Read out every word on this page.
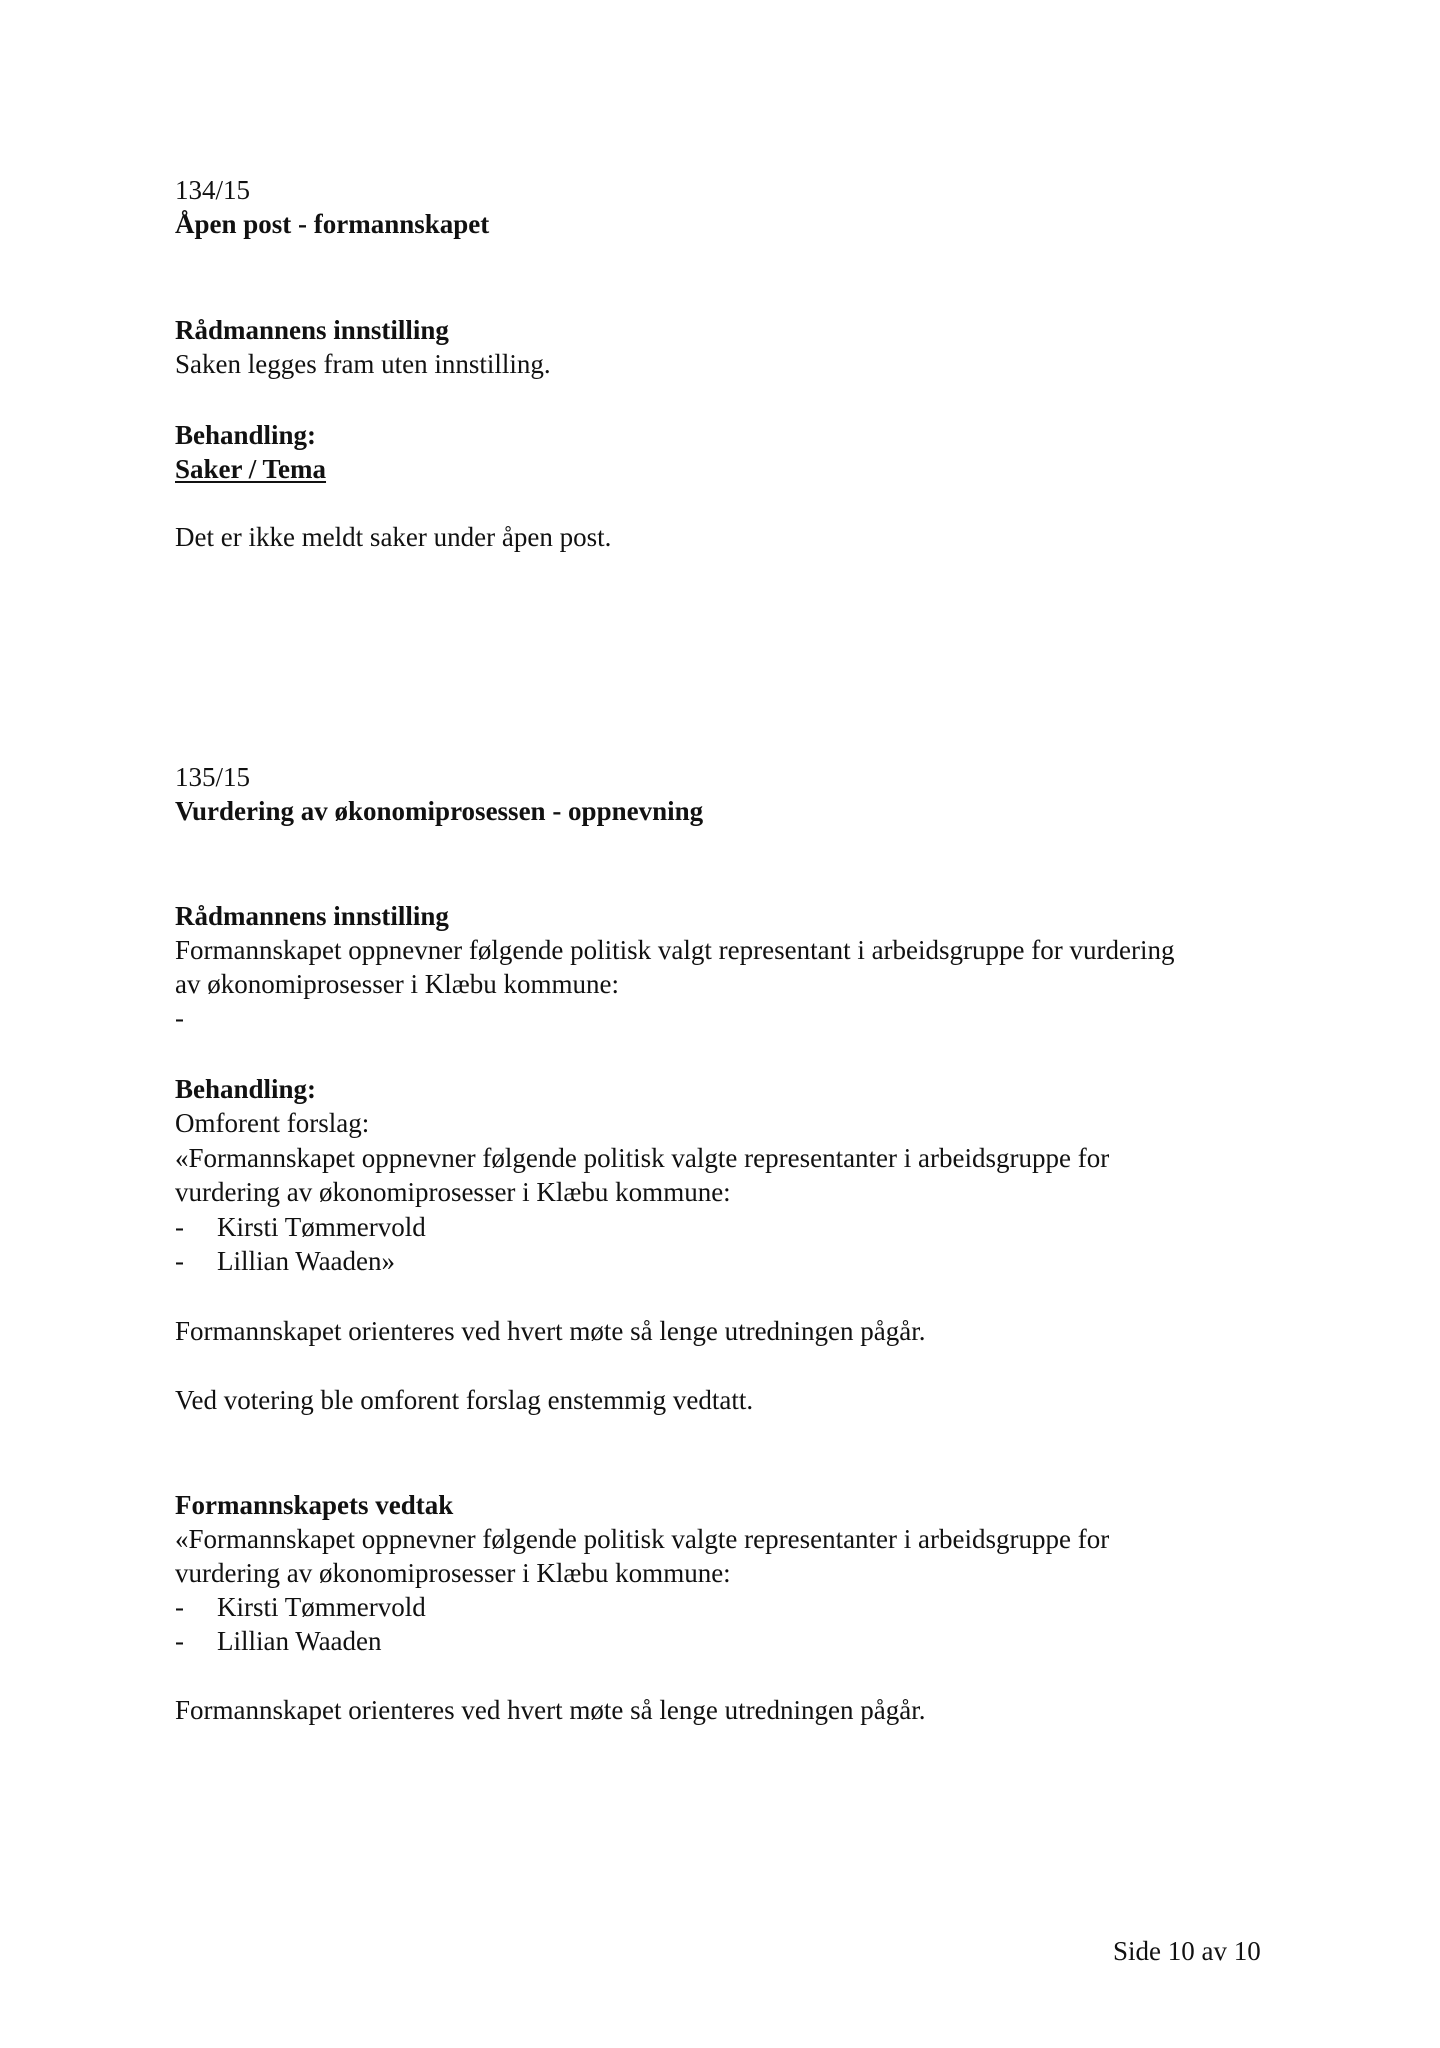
134/15
Åpen post - formannskapet
Rådmannens innstilling
Saken legges fram uten innstilling.
Behandling:
Saker / Tema
Det er ikke meldt saker under åpen post.
135/15
Vurdering av økonomiprosessen - oppnevning
Rådmannens innstilling
Formannskapet oppnevner følgende politisk valgt representant i arbeidsgruppe for vurdering
av økonomiprosesser i Klæbu kommune:
-
Behandling:
Omforent forslag:
«Formannskapet oppnevner følgende politisk valgte representanter i arbeidsgruppe for
vurdering av økonomiprosesser i Klæbu kommune:
- Kirsti Tømmervold
- Lillian Waaden»
Formannskapet orienteres ved hvert møte så lenge utredningen pågår.
Ved votering ble omforent forslag enstemmig vedtatt.
Formannskapets vedtak
«Formannskapet oppnevner følgende politisk valgte representanter i arbeidsgruppe for
vurdering av økonomiprosesser i Klæbu kommune:
- Kirsti Tømmervold
- Lillian Waaden
Formannskapet orienteres ved hvert møte så lenge utredningen pågår.
Side 10 av 10
